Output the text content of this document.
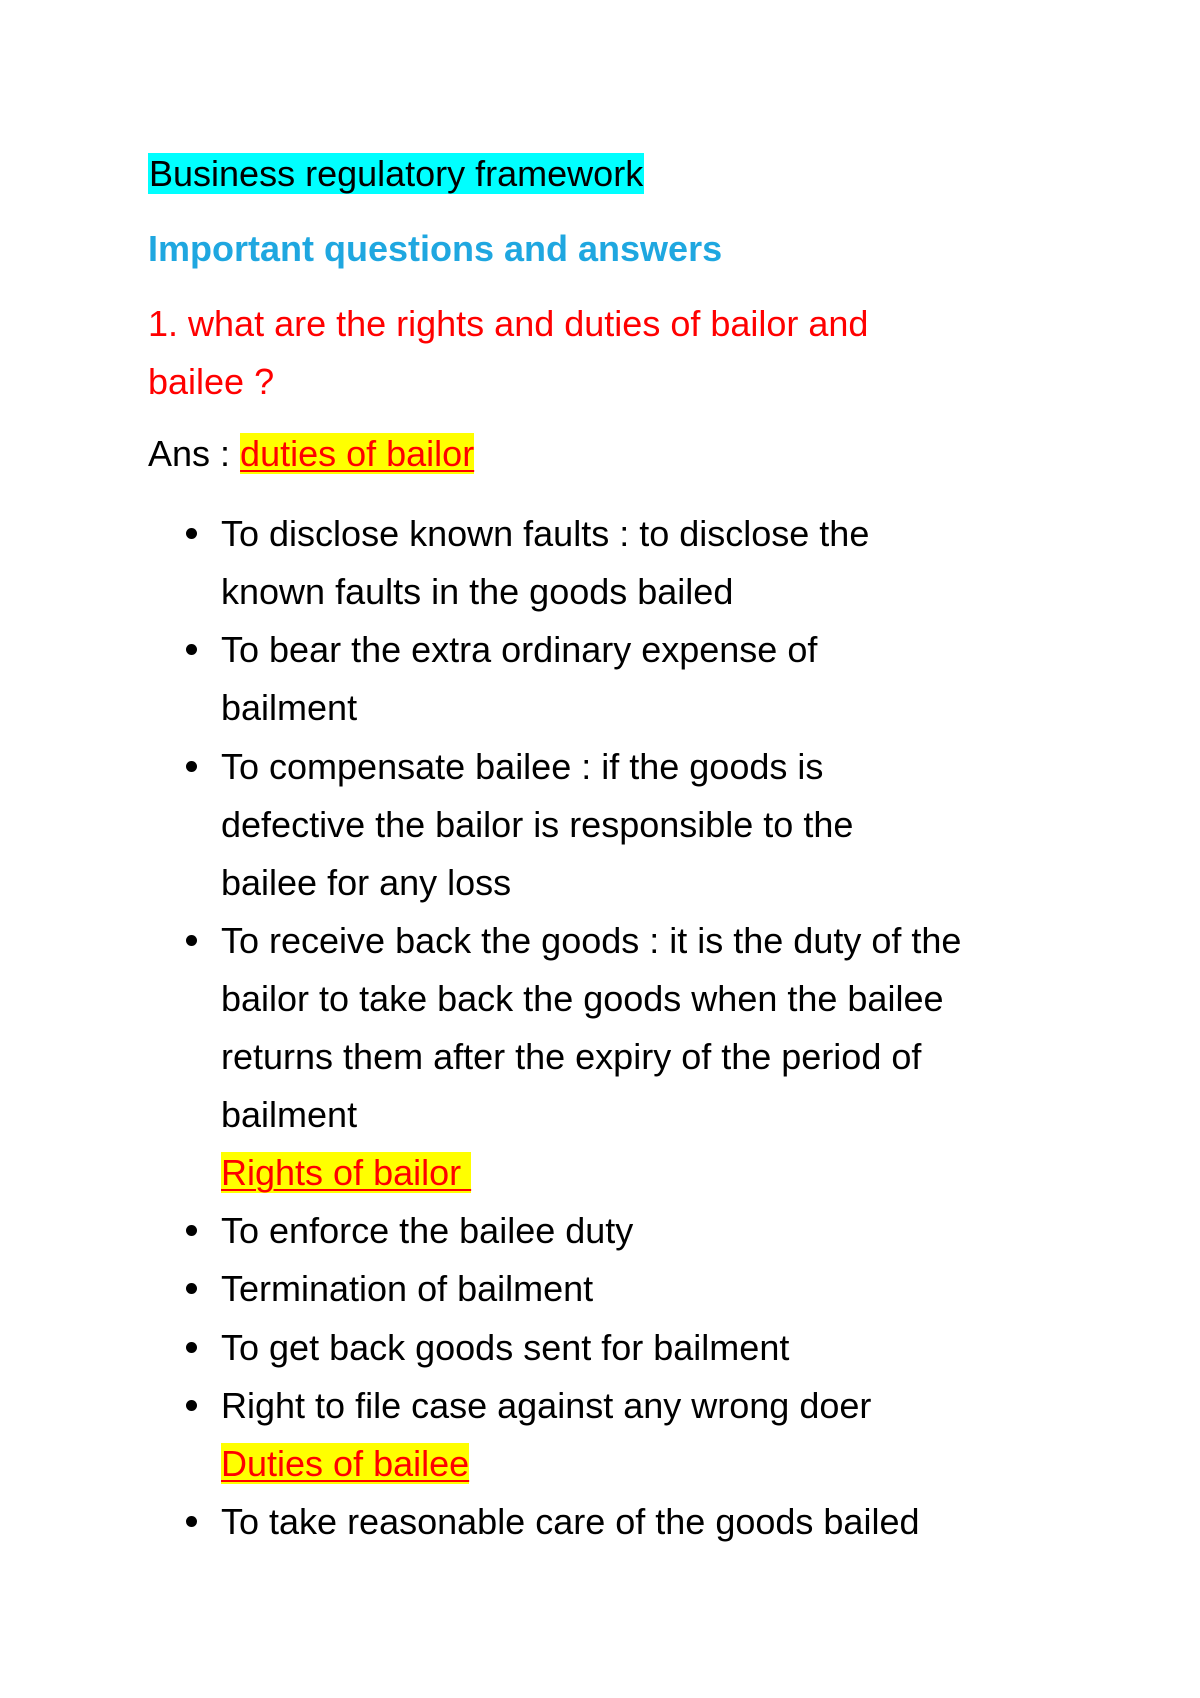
Business regulatory framework
Important questions and answers
1. what are the rights and duties of bailor and
bailee ?
Ans : duties of bailor
To disclose known faults : to disclose the
known faults in the goods bailed
To bear the extra ordinary expense of
bailment
To compensate bailee : if the goods is
defective the bailor is responsible to the
bailee for any loss
To receive back the goods : it is the duty of the
bailor to take back the goods when the bailee
returns them after the expiry of the period of
bailment
Rights of bailor
To enforce the bailee duty
Termination of bailment
To get back goods sent for bailment
Right to file case against any wrong doer
Duties of bailee
To take reasonable care of the goods bailed
